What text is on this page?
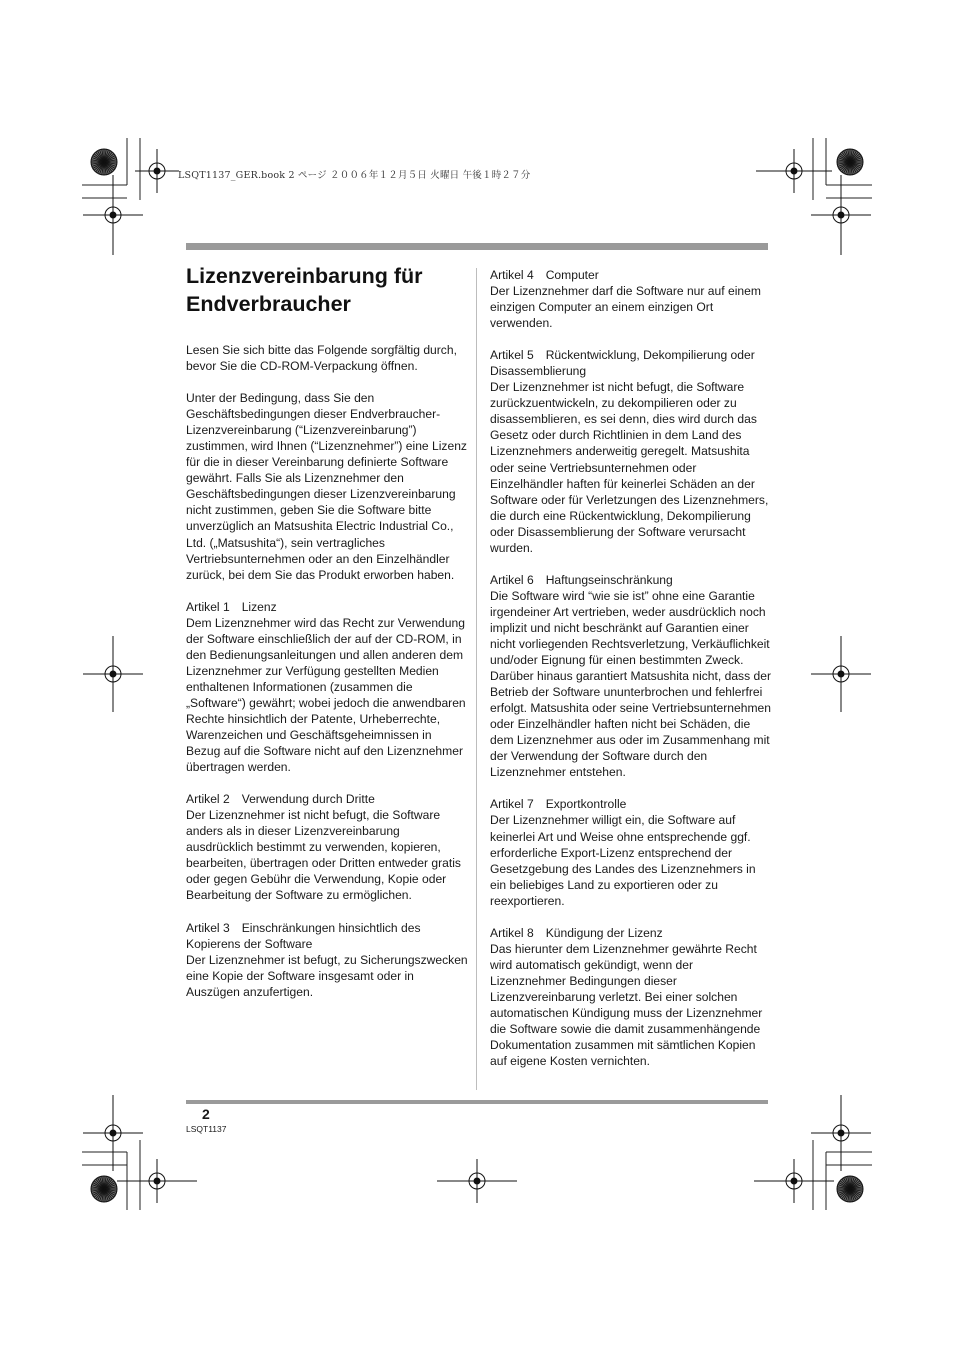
LSQT1137_GER.book 2 ページ ２００６年１２月５日 火曜日 午後１時２７分
Lizenzvereinbarung für
Endverbraucher

Lesen Sie sich bitte das Folgende sorgfältig durch, bevor Sie die CD-ROM-Verpackung öffnen.

Unter der Bedingung, dass Sie den Geschäftsbedingungen dieser Endverbraucher-Lizenzvereinbarung (“Lizenzvereinbarung”) zustimmen, wird Ihnen (“Lizenznehmer”) eine Lizenz für die in dieser Vereinbarung definierte Software gewährt. Falls Sie als Lizenznehmer den Geschäftsbedingungen dieser Lizenzvereinbarung nicht zustimmen, geben Sie die Software bitte unverzüglich an Matsushita Electric Industrial Co., Ltd. („Matsushita“), sein vertragliches Vertriebsunternehmen oder an den Einzelhändler zurück, bei dem Sie das Produkt erworben haben.

Artikel 1 Lizenz

Dem Lizenznehmer wird das Recht zur Verwendung der Software einschließlich der auf der CD-ROM, in den Bedienungsanleitungen und allen anderen dem Lizenznehmer zur Verfügung gestellten Medien enthaltenen Informationen (zusammen die „Software“) gewährt; wobei jedoch die anwendbaren Rechte hinsichtlich der Patente, Urheberrechte, Warenzeichen und Geschäftsgeheimnissen in Bezug auf die Software nicht auf den Lizenznehmer übertragen werden.

Artikel 2 Verwendung durch Dritte

Der Lizenznehmer ist nicht befugt, die Software anders als in dieser Lizenzvereinbarung ausdrücklich bestimmt zu verwenden, kopieren, bearbeiten, übertragen oder Dritten entweder gratis oder gegen Gebühr die Verwendung, Kopie oder Bearbeitung der Software zu ermöglichen.

Artikel 3 Einschränkungen hinsichtlich des Kopierens der Software

Der Lizenznehmer ist befugt, zu Sicherungszwecken eine Kopie der Software insgesamt oder in Auszügen anzufertigen.

Artikel 4 Computer

Der Lizenznehmer darf die Software nur auf einem einzigen Computer an einem einzigen Ort verwenden.

Artikel 5 Rückentwicklung, Dekompilierung oder Disassemblierung

Der Lizenznehmer ist nicht befugt, die Software zurückzuentwickeln, zu dekompilieren oder zu disassemblieren, es sei denn, dies wird durch das Gesetz oder durch Richtlinien in dem Land des Lizenznehmers anderweitig geregelt. Matsushita oder seine Vertriebsunternehmen oder Einzelhändler haften für keinerlei Schäden an der Software oder für Verletzungen des Lizenznehmers, die durch eine Rückentwicklung, Dekompilierung oder Disassemblierung der Software verursacht wurden.

Artikel 6 Haftungseinschränkung

Die Software wird “wie sie ist” ohne eine Garantie irgendeiner Art vertrieben, weder ausdrücklich noch implizit und nicht beschränkt auf Garantien einer nicht vorliegenden Rechtsverletzung, Verkäuflichkeit und/oder Eignung für einen bestimmten Zweck. Darüber hinaus garantiert Matsushita nicht, dass der Betrieb der Software ununterbrochen und fehlerfrei erfolgt. Matsushita oder seine Vertriebsunternehmen oder Einzelhändler haften nicht bei Schäden, die dem Lizenznehmer aus oder im Zusammenhang mit der Verwendung der Software durch den Lizenznehmer entstehen.

Artikel 7 Exportkontrolle

Der Lizenznehmer willigt ein, die Software auf keinerlei Art und Weise ohne entsprechende ggf. erforderliche Export-Lizenz entsprechend der Gesetzgebung des Landes des Lizenznehmers in ein beliebiges Land zu exportieren oder zu reexportieren.

Artikel 8 Kündigung der Lizenz

Das hierunter dem Lizenznehmer gewährte Recht wird automatisch gekündigt, wenn der Lizenznehmer Bedingungen dieser Lizenzvereinbarung verletzt. Bei einer solchen automatischen Kündigung muss der Lizenznehmer die Software sowie die damit zusammenhängende Dokumentation zusammen mit sämtlichen Kopien auf eigene Kosten vernichten.

2
LSQT1137
